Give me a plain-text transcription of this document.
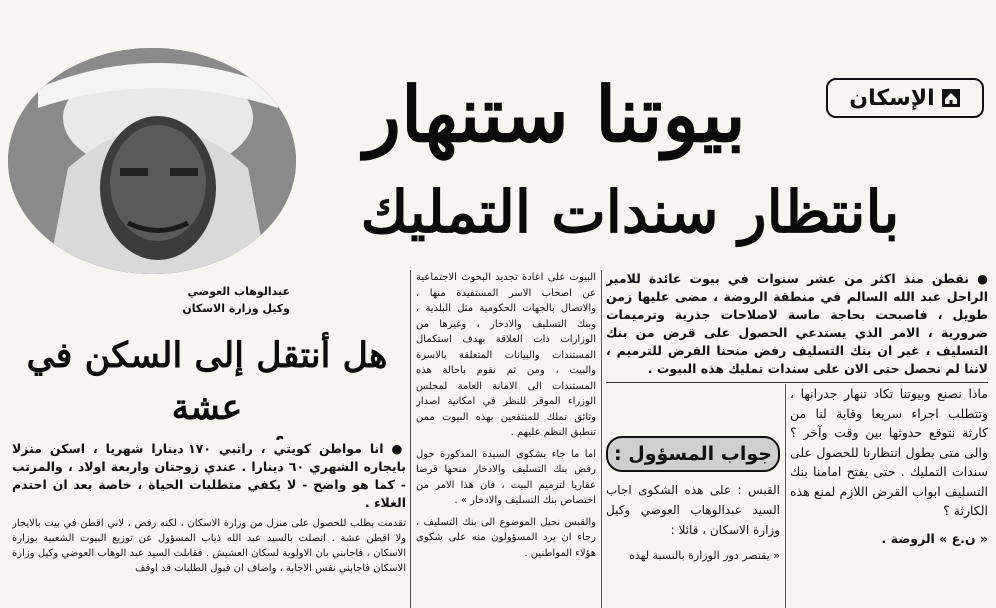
الإسكان
بيوتنا ستنهار
بانتظار سندات التمليك
عبدالوهاب العوضي
وكيل وزارة الاسكان
هل أنتقل إلى السكن في عشة
● انا مواطن كويتي ، راتبي ١٧٠ دينارا شهريا ، اسكن منزلا بايجاره الشهري ٦٠ دينارا . عندي زوجتان واربعة اولاد ، والمرتب - كما هو واضح - لا يكفي متطلبات الحياة ، خاصة بعد ان احتدم الغلاء .
تقدمت بطلب للحصول على منزل من وزارة الاسكان ، لكنه رفض ، لاني اقطن في بيت بالايجار ولا اقطن عشة . اتصلت بالسيد عبد الله ذياب المسؤول عن توزيع البيوت الشعبية بوزارة الاسكان ، فاجابني بان الاولوية لسكان العشيش . فقابلت السيد عبد الوهاب العوضي وكيل وزارة الاسكان فاجابني نفس الاجابة ، واضاف ان قبول الطلبات قد اوقف

البيوت على اعادة تجديد البحوث الاجتماعية عن اصحاب الاسر المستفيدة منها ، والاتصال بالجهات الحكومية مثل البلدية ، وبنك التسليف والادخار ، وغيرها من الوزارات ذات العلاقة بهدف استكمال المستندات والبيانات المتعلقة بالاسرة والبيت ، ومن ثم نقوم باحالة هذه المستندات الى الامانة العامة لمجلس الوزراء الموقر للنظر في امكانية اصدار وثائق تملك للمنتفعين بهذه البيوت ممن تنطبق النظم عليهم .

اما ما جاء بشكوى السيدة المذكورة حول رفض بنك التسليف والادخار منحها قرضا عقاريا لترميم البيت ، فان هذا الامر من اختصاص بنك التسليف والادخار » .

والقبس نحيل الموضوع الى بنك التسليف ، رجاء ان يرد المسؤولون منه على شكوى هؤلاء المواطنين .

● نقطن منذ اكثر من عشر سنوات في بيوت عائدة للامير الراحل عبد الله السالم في منطقة الروضة ، مضى عليها زمن طويل ، فاصبحت بحاجة ماسة لاصلاحات جذرية وترميمات ضرورية ، الامر الذي يستدعي الحصول على قرض من بنك التسليف ، غير ان بنك التسليف رفض منحنا القرض للترميم ، لاننا لم نحصل حتى الان على سندات تمليك هذه البيوت .
جواب المسؤول :

القبس : على هذه الشكوى اجاب السيد عبدالوهاب العوضي وكيل وزارة الاسكان ، قائلا :

« يقتصر دور الوزارة بالنسبة لهذه

ماذا نصنع وبيوتنا تكاد تنهار جدرانها ، وتتطلب اجراء سريعا وقاية لنا من كارثة نتوقع حدوثها بين وقت وآخر ؟ والى متى بطول انتظارنا للحصول على سندات التمليك . حتى يفتح امامنا بنك التسليف ابواب القرض اللازم لمنع هذه الكارثة ؟

« ن.ع » الروضة .
